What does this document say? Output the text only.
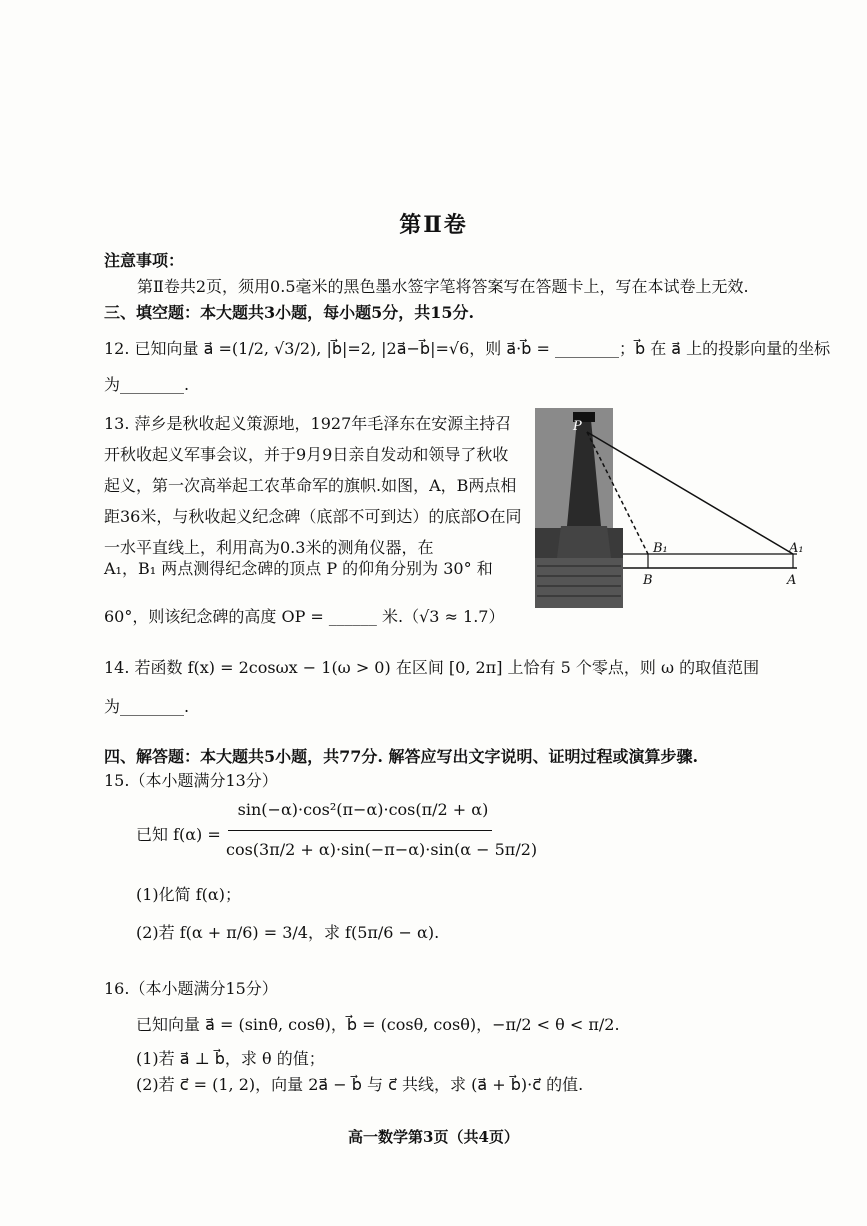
第Ⅱ卷
注意事项：
第Ⅱ卷共2页，须用0.5毫米的黑色墨水签字笔将答案写在答题卡上，写在本试卷上无效.
三、填空题：本大题共3小题，每小题5分，共15分.
12. 已知向量 a⃗ =(1/2, √3/2), |b⃗|=2, |2a⃗−b⃗|=√6，则 a⃗·b⃗ = ________；b⃗ 在 a⃗ 上的投影向量的坐标
为________.
13. 萍乡是秋收起义策源地，1927年毛泽东在安源主持召开秋收起义军事会议，并于9月9日亲自发动和领导了秋收起义，第一次高举起工农革命军的旗帜.如图，A，B两点相距36米，与秋收起义纪念碑（底部不可到达）的底部O在同一水平直线上，利用高为0.3米的测角仪器，在
A₁，B₁ 两点测得纪念碑的顶点 P 的仰角分别为 30° 和
60°，则该纪念碑的高度 OP = ______ 米.（√3 ≈ 1.7）
P
B₁	A₁
B	A
14. 若函数 f(x) = 2cosωx − 1(ω > 0) 在区间 [0, 2π] 上恰有 5 个零点，则 ω 的取值范围
为________.
四、解答题：本大题共5小题，共77分. 解答应写出文字说明、证明过程或演算步骤.
15.（本小题满分13分）
已知 f(α) =
sin(−α)·cos²(π−α)·cos(π/2 + α)
cos(3π/2 + α)·sin(−π−α)·sin(α − 5π/2)
(1)化简 f(α)；
(2)若 f(α + π/6) = 3/4，求 f(5π/6 − α).
16.（本小题满分15分）
已知向量 a⃗ = (sinθ, cosθ)，b⃗ = (cosθ, cosθ)，−π/2 < θ < π/2.
(1)若 a⃗ ⊥ b⃗，求 θ 的值；
(2)若 c⃗ = (1, 2)，向量 2a⃗ − b⃗ 与 c⃗ 共线，求 (a⃗ + b⃗)·c⃗ 的值.
高一数学第3页（共4页）
